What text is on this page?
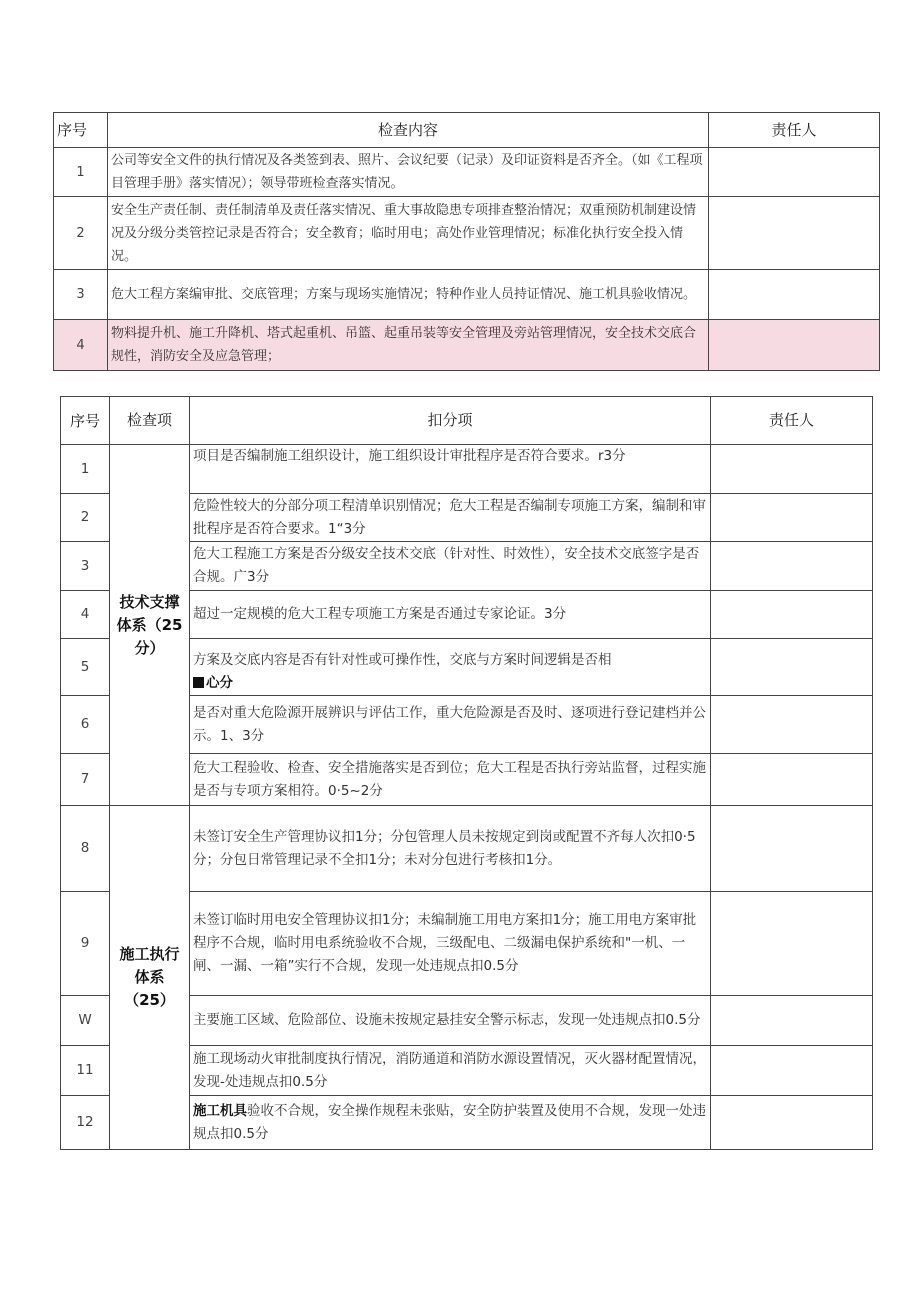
序号	检查内容	责任人
1	公司等安全文件的执行情况及各类签到表、照片、会议纪要（记录）及印证资料是否齐全。（如《工程项目管理手册》落实情况）；领导带班检查落实情况。	
2	安全生产责任制、责任制清单及责任落实情况、重大事故隐患专项排查整治情况；双重预防机制建设情况及分级分类管控记录是否符合；安全教育；临时用电；高处作业管理情况；标准化执行安全投入情况。	
3	危大工程方案编审批、交底管理；方案与现场实施情况；特种作业人员持证情况、施工机具验收情况。	
4	物料提升机、施工升降机、塔式起重机、吊篮、起重吊装等安全管理及旁站管理情况，安全技术交底合规性，消防安全及应急管理；	
序号	检查项	扣分项	责任人
1	技术支撑体系（25分）	项目是否编制施工组织设计，施工组织设计审批程序是否符合要求。r3分	
2		危险性较大的分部分项工程清单识别情况；危大工程是否编制专项施工方案，编制和审批程序是否符合要求。1“3分	
3		危大工程施工方案是否分级安全技术交底（针对性、时效性），安全技术交底签字是否合规。广3分	
4		超过一定规模的危大工程专项施工方案是否通过专家论证。3分	
5		方案及交底内容是否有针对性或可操作性，交底与方案时间逻辑是否相
心分	
6		是否对重大危险源开展辨识与评估工作，重大危险源是否及时、逐项进行登记建档并公示。1、3分	
7		危大工程验收、检查、安全措施落实是否到位；危大工程是否执行旁站监督，过程实施是否与专项方案相符。0·5~2分	
8	施工执行体系（25）	未签订安全生产管理协议扣1分；分包管理人员未按规定到岗或配置不齐每人次扣0·5分；分包日常管理记录不全扣1分；未对分包进行考核扣1分。	
9		未签订临时用电安全管理协议扣1分；未编制施工用电方案扣1分；施工用电方案审批程序不合规，临时用电系统验收不合规，三级配电、二级漏电保护系统和"一机、一闸、一漏、一箱”实行不合规，发现一处违规点扣0.5分	
W		主要施工区域、危险部位、设施未按规定悬挂安全警示标志，发现一处违规点扣0.5分	
11		施工现场动火审批制度执行情况，消防通道和消防水源设置情况，灭火器材配置情况，发现-处违规点扣0.5分	
12		施工机具验收不合规，安全操作规程未张贴，安全防护装置及使用不合规，发现一处违规点扣0.5分	
